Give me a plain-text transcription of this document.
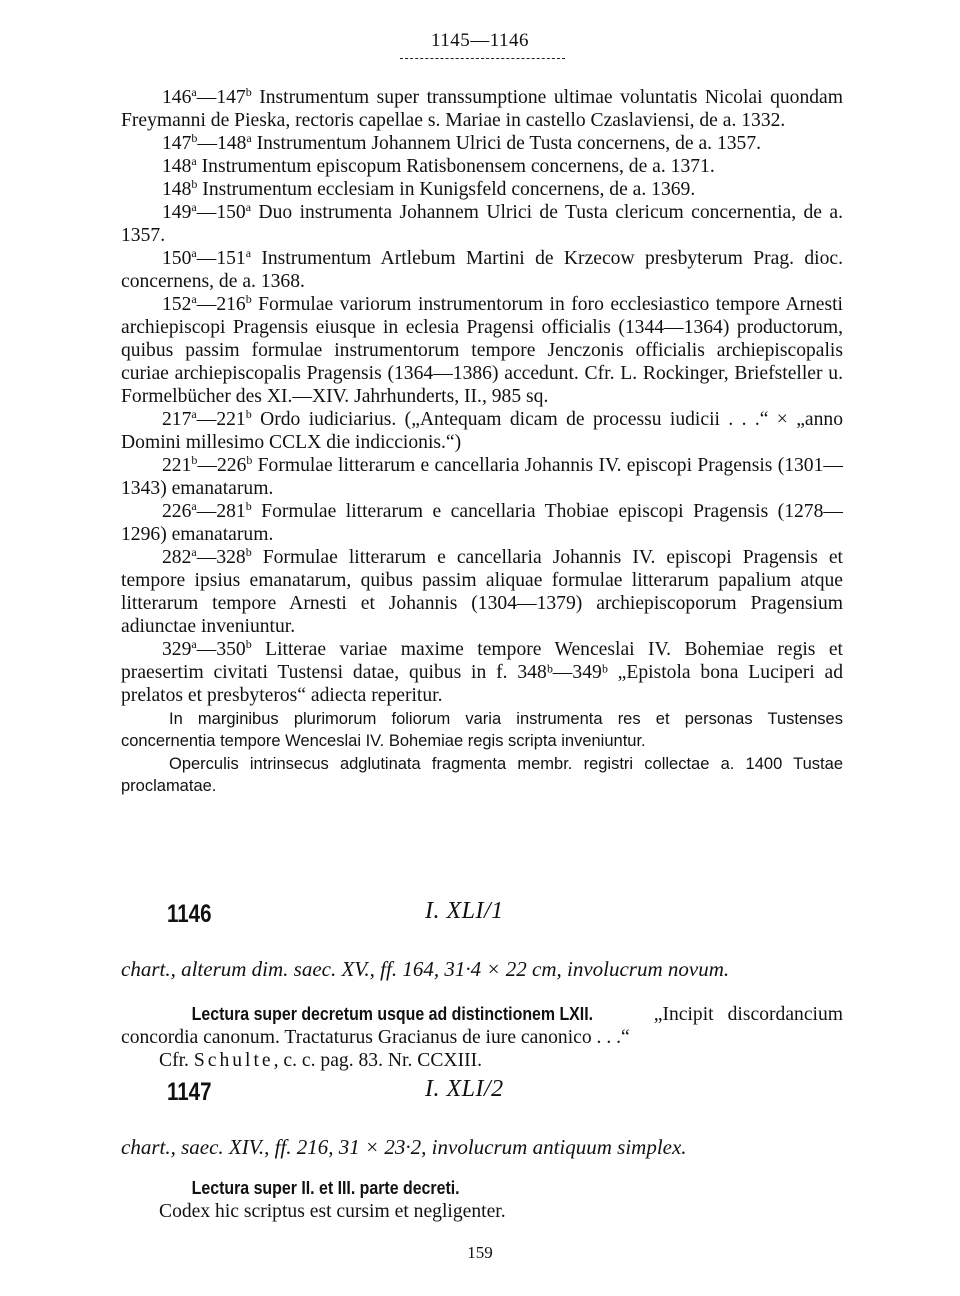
1145—1146

146$^a$—147$^b$ Instrumentum super transsumptione ultimae voluntatis Nicolai quondam Freymanni de Pieska, rectoris capellae s. Mariae in castello Czaslaviensi, de a. 1332.

147$^b$—148$^a$ Instrumentum Johannem Ulrici de Tusta concernens, de a. 1357.

148$^a$ Instrumentum episcopum Ratisbonensem concernens, de a. 1371.

148$^b$ Instrumentum ecclesiam in Kunigsfeld concernens, de a. 1369.

149$^a$—150$^a$ Duo instrumenta Johannem Ulrici de Tusta clericum concernentia, de a. 1357.

150$^a$—151$^a$ Instrumentum Artlebum Martini de Krzecow presbyterum Prag. dioc. concernens, de a. 1368.

152$^a$—216$^b$ Formulae variorum instrumentorum in foro ecclesiastico tempore Arnesti archiepiscopi Pragensis eiusque in eclesia Pragensi officialis (1344—1364) productorum, quibus passim formulae instrumentorum tempore Jenczonis officialis archiepiscopalis curiae archiepiscopalis Pragensis (1364—1386) accedunt. Cfr. L. Rockinger, Briefsteller u. Formelbücher des XI.—XIV. Jahrhunderts, II., 985 sq.

217$^a$—221$^b$ Ordo iudiciarius. („Antequam dicam de processu iudicii . . .“ × „anno Domini millesimo CCLX die indiccionis.“)

221$^b$—226$^b$ Formulae litterarum e cancellaria Johannis IV. episcopi Pragensis (1301—1343) emanatarum.

226$^a$—281$^b$ Formulae litterarum e cancellaria Thobiae episcopi Pragensis (1278—1296) emanatarum.

282$^a$—328$^b$ Formulae litterarum e cancellaria Johannis IV. episcopi Pragensis et tempore ipsius emanatarum, quibus passim aliquae formulae litterarum papalium atque litterarum tempore Arnesti et Johannis (1304—1379) archiepiscoporum Pragensium adiunctae inveniuntur.

329$^a$—350$^b$ Litterae variae maxime tempore Wenceslai IV. Bohemiae regis et praesertim civitati Tustensi datae, quibus in f. 348ᵇ—349ᵇ „Epistola bona Luciperi ad prelatos et presbyteros“ adiecta reperitur.

In marginibus plurimorum foliorum varia instrumenta res et personas Tustenses concernentia tempore Wenceslai IV. Bohemiae regis scripta inveniuntur.

Operculis intrinsecus adglutinata fragmenta membr. registri collectae a. 1400 Tustae proclamatae.

1146	I. XLI/1

chart., alterum dim. saec. XV., ff. 164, 31·4 × 22 cm, involucrum novum.

Lectura super decretum usque ad distinctionem LXII. „Incipit discordancium concordia canonum. Tractaturus Gracianus de iure canonico . . .“

Cfr. Schulte, c. c. pag. 83. Nr. CCXIII.

1147	I. XLI/2

chart., saec. XIV., ff. 216, 31 × 23·2, involucrum antiquum simplex.

Lectura super II. et III. parte decreti.

Codex hic scriptus est cursim et negligenter.

159
